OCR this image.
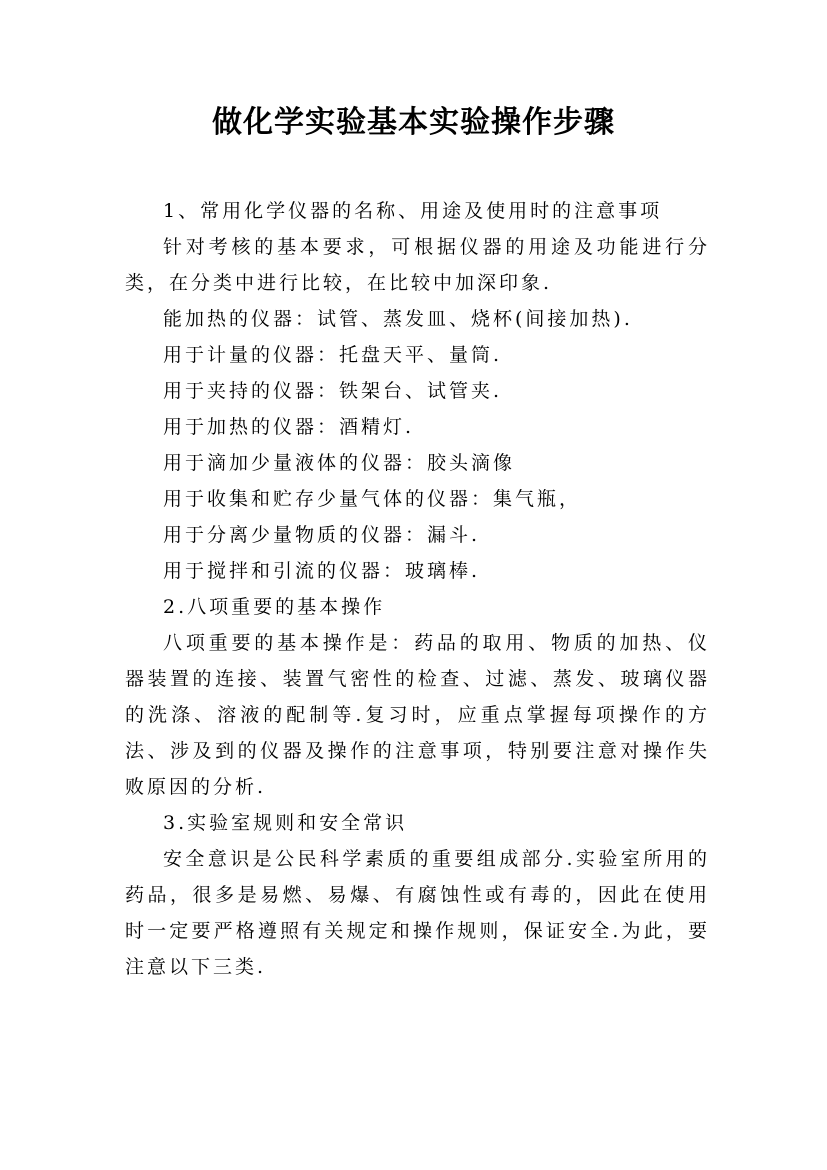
做化学实验基本实验操作步骤

1、常用化学仪器的名称、用途及使用时的注意事项

针对考核的基本要求，可根据仪器的用途及功能进行分类，在分类中进行比较，在比较中加深印象.

能加热的仪器：试管、蒸发皿、烧杯(间接加热).

用于计量的仪器：托盘天平、量筒.

用于夹持的仪器：铁架台、试管夹.

用于加热的仪器：酒精灯.

用于滴加少量液体的仪器：胶头滴像

用于收集和贮存少量气体的仪器：集气瓶，

用于分离少量物质的仪器：漏斗.

用于搅拌和引流的仪器：玻璃棒.

2.八项重要的基本操作

八项重要的基本操作是：药品的取用、物质的加热、仪器装置的连接、装置气密性的检查、过滤、蒸发、玻璃仪器的洗涤、溶液的配制等.复习时，应重点掌握每项操作的方法、涉及到的仪器及操作的注意事项，特别要注意对操作失败原因的分析.

3.实验室规则和安全常识

安全意识是公民科学素质的重要组成部分.实验室所用的药品，很多是易燃、易爆、有腐蚀性或有毒的，因此在使用时一定要严格遵照有关规定和操作规则，保证安全.为此，要注意以下三类.
